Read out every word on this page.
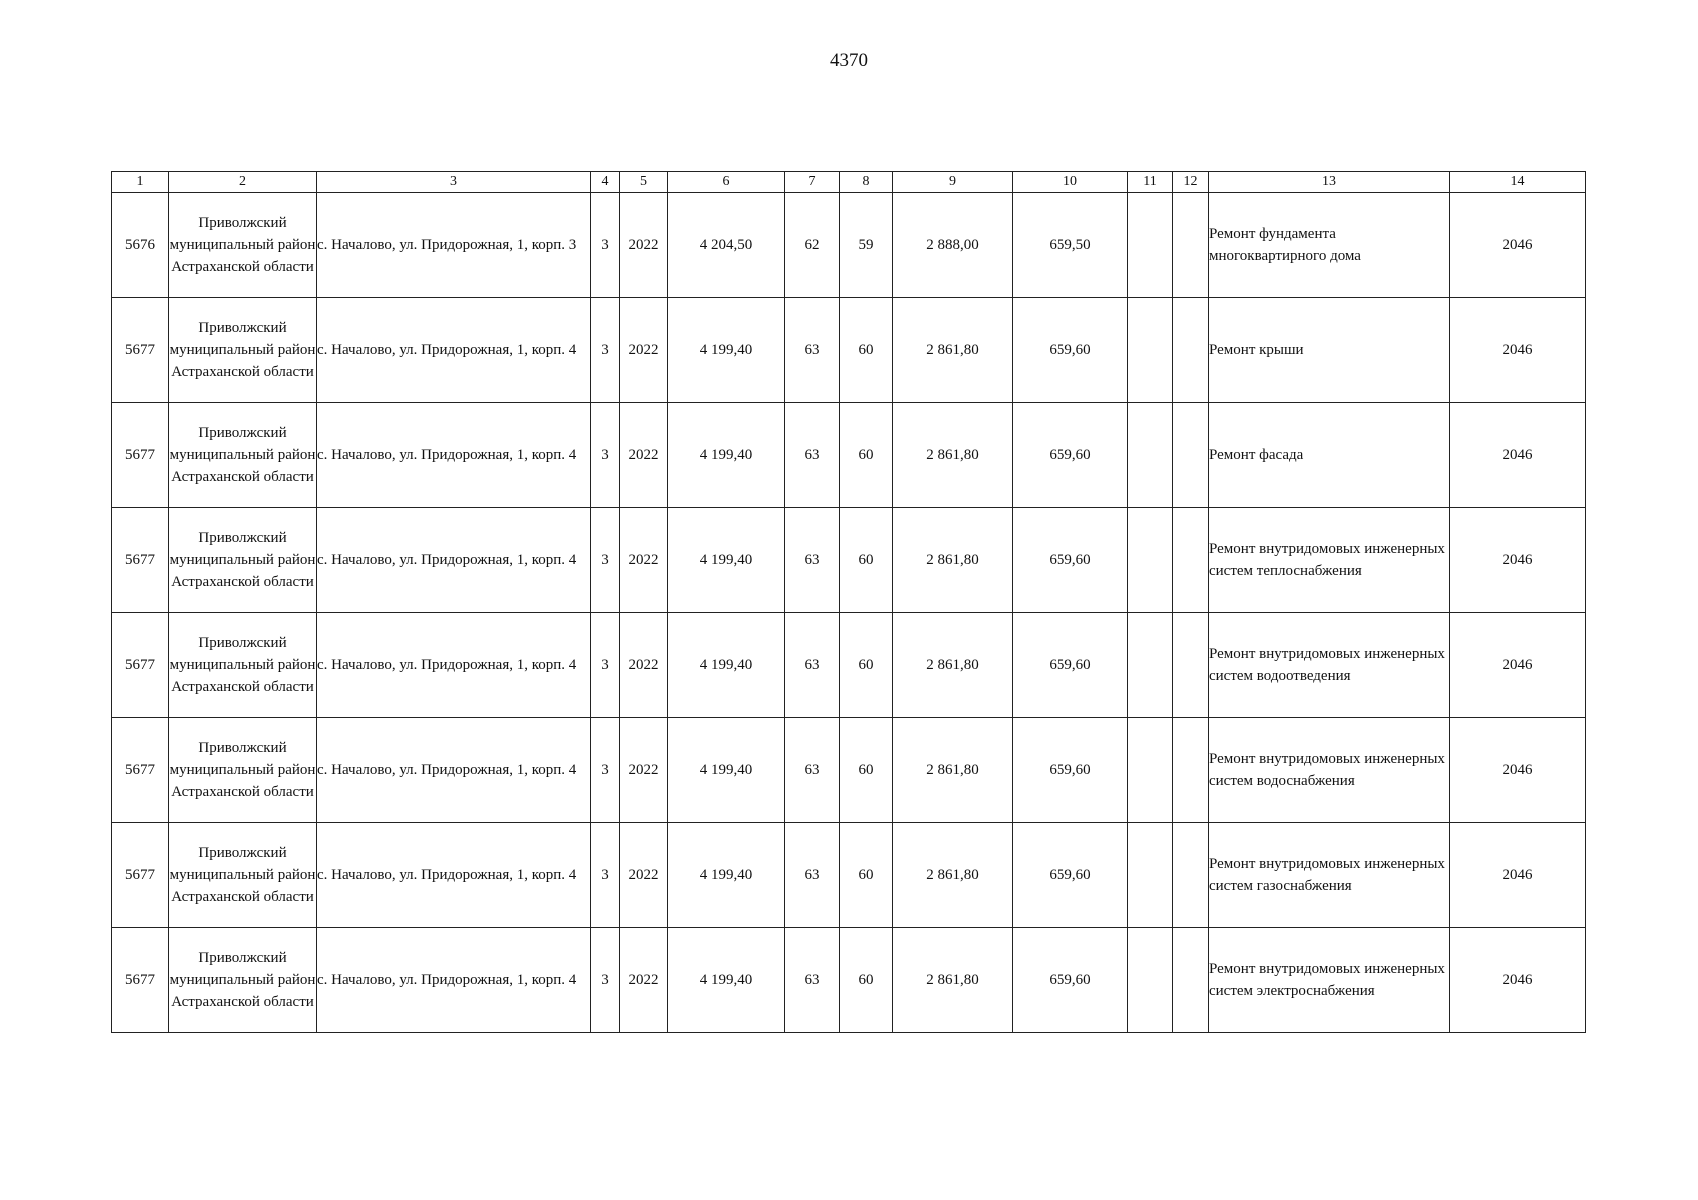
4370
1	2	3	4	5	6	7	8	9	10	11	12	13	14
5676	Приволжский муниципальный район Астраханской области	с. Началово, ул. Придорожная, 1, корп. 3	3	2022	4 204,50	62	59	2 888,00	659,50			Ремонт фундамента многоквартирного дома	2046
5677	Приволжский муниципальный район Астраханской области	с. Началово, ул. Придорожная, 1, корп. 4	3	2022	4 199,40	63	60	2 861,80	659,60			Ремонт крыши	2046
5677	Приволжский муниципальный район Астраханской области	с. Началово, ул. Придорожная, 1, корп. 4	3	2022	4 199,40	63	60	2 861,80	659,60			Ремонт фасада	2046
5677	Приволжский муниципальный район Астраханской области	с. Началово, ул. Придорожная, 1, корп. 4	3	2022	4 199,40	63	60	2 861,80	659,60			Ремонт внутридомовых инженерных систем теплоснабжения	2046
5677	Приволжский муниципальный район Астраханской области	с. Началово, ул. Придорожная, 1, корп. 4	3	2022	4 199,40	63	60	2 861,80	659,60			Ремонт внутридомовых инженерных систем водоотведения	2046
5677	Приволжский муниципальный район Астраханской области	с. Началово, ул. Придорожная, 1, корп. 4	3	2022	4 199,40	63	60	2 861,80	659,60			Ремонт внутридомовых инженерных систем водоснабжения	2046
5677	Приволжский муниципальный район Астраханской области	с. Началово, ул. Придорожная, 1, корп. 4	3	2022	4 199,40	63	60	2 861,80	659,60			Ремонт внутридомовых инженерных систем газоснабжения	2046
5677	Приволжский муниципальный район Астраханской области	с. Началово, ул. Придорожная, 1, корп. 4	3	2022	4 199,40	63	60	2 861,80	659,60			Ремонт внутридомовых инженерных систем электроснабжения	2046
